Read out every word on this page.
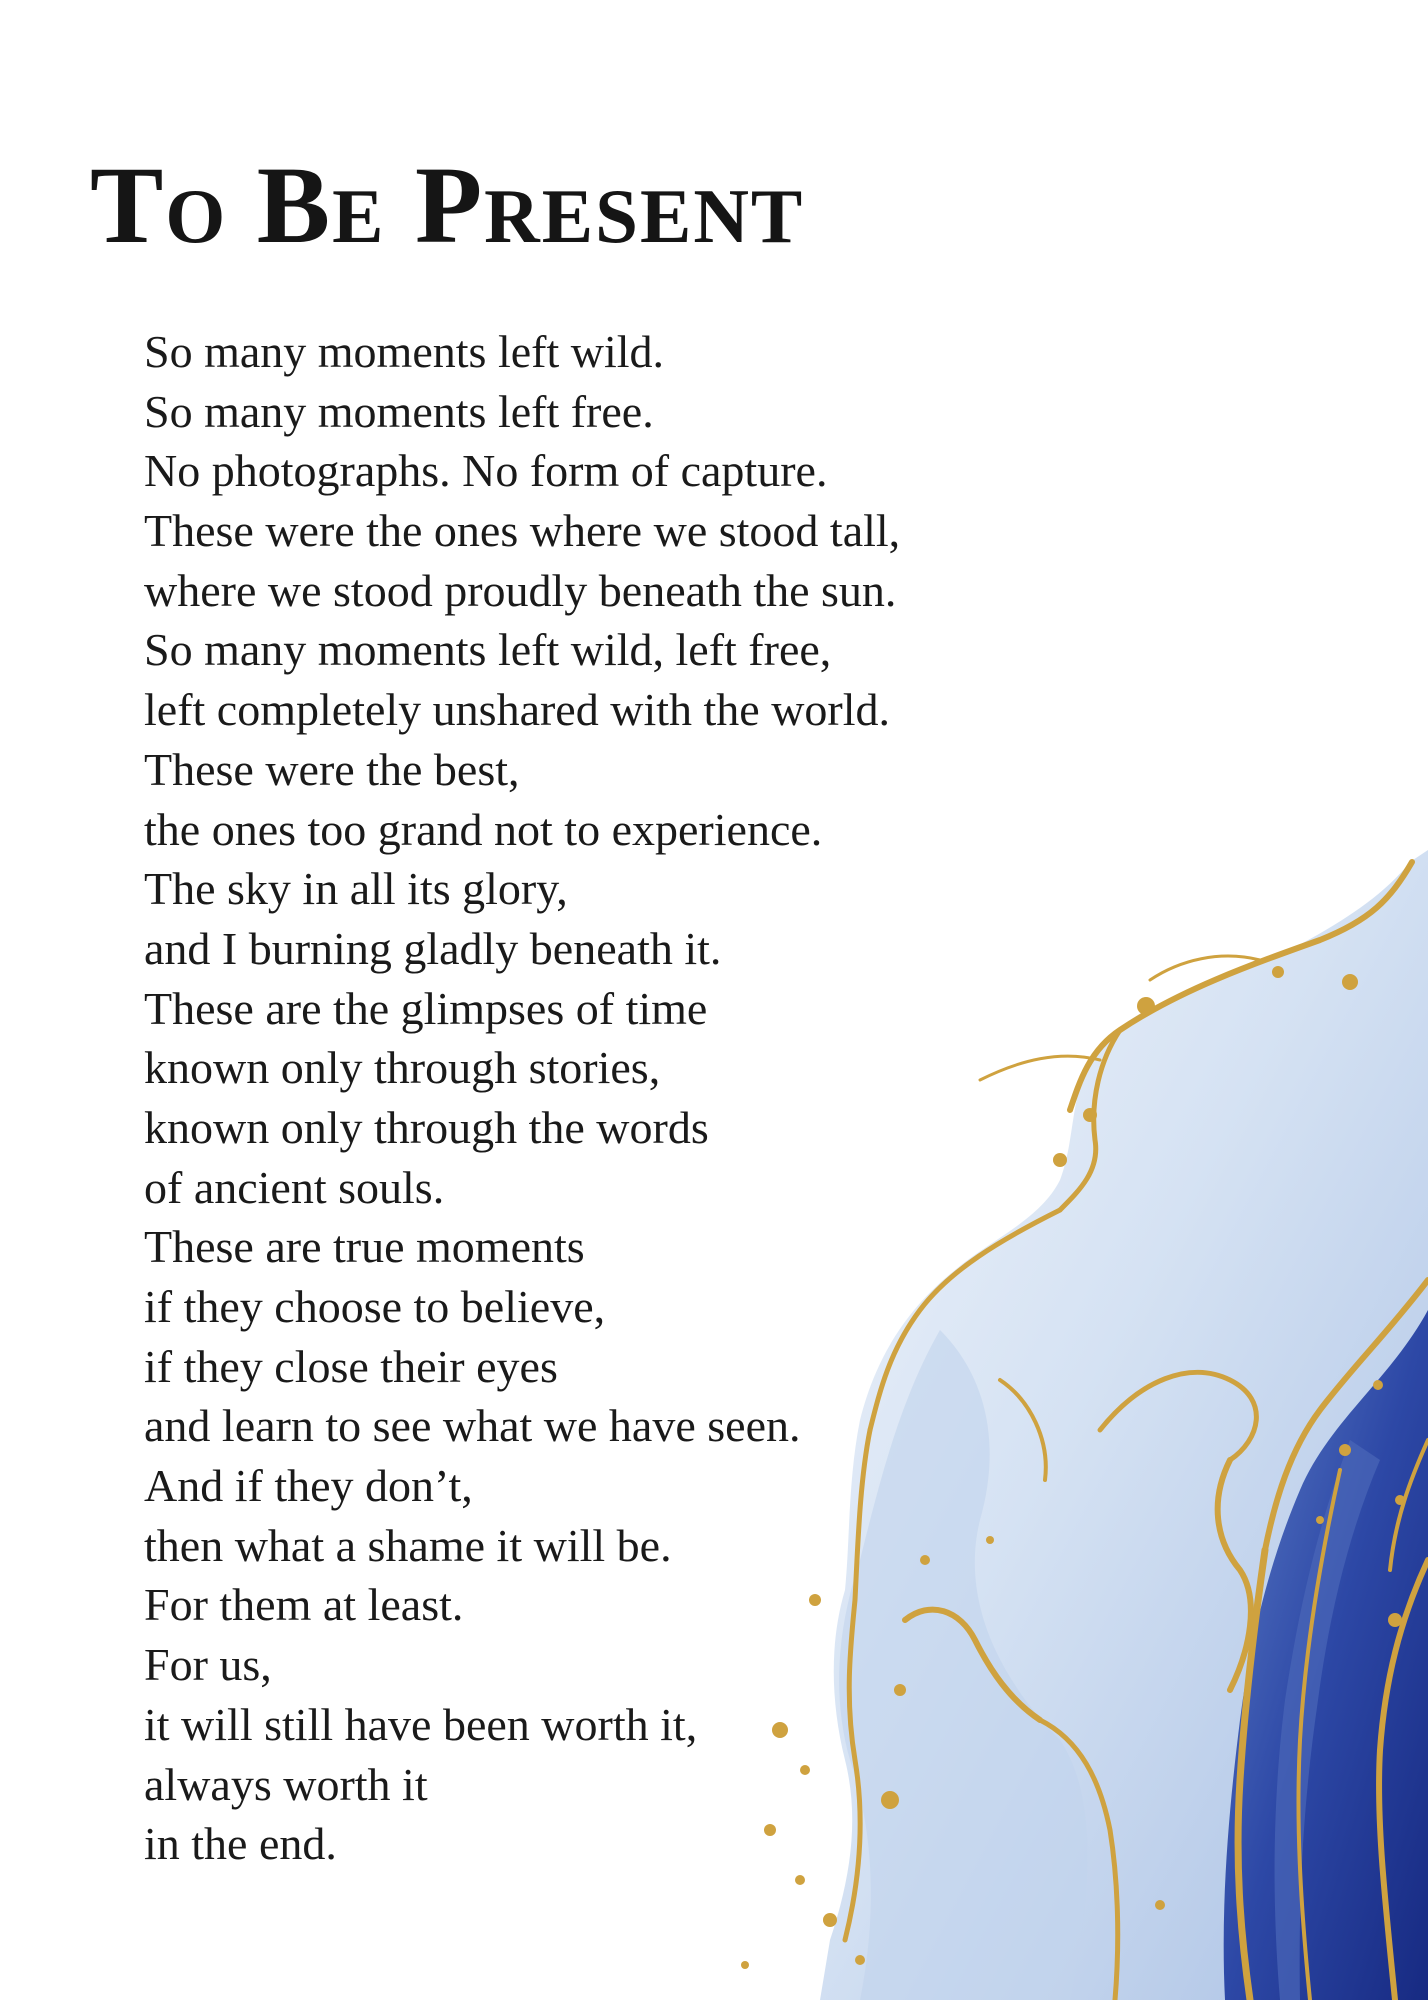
To Be Present
So many moments left wild.
So many moments left free.
No photographs. No form of capture.
These were the ones where we stood tall,
where we stood proudly beneath the sun.
So many moments left wild, left free,
left completely unshared with the world.
These were the best,
the ones too grand not to experience.
The sky in all its glory,
and I burning gladly beneath it.
These are the glimpses of time
known only through stories,
known only through the words
of ancient souls.
These are true moments
if they choose to believe,
if they close their eyes
and learn to see what we have seen.
And if they don’t,
then what a shame it will be.
For them at least.
For us,
it will still have been worth it,
always worth it
in the end.
